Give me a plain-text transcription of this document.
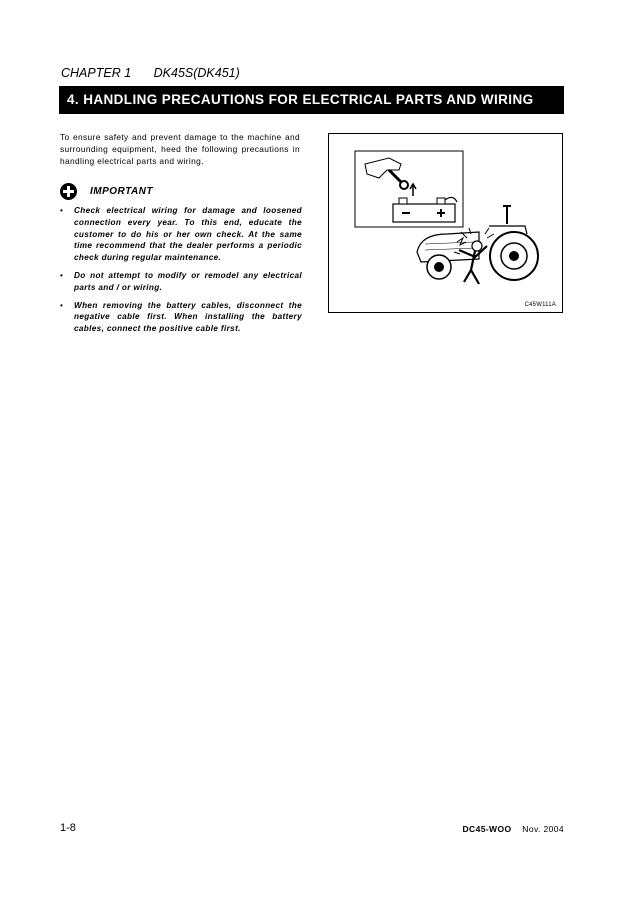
CHAPTER 1 DK45S(DK451)
4. HANDLING PRECAUTIONS FOR ELECTRICAL PARTS AND WIRING
To ensure safety and prevent damage to the machine and surrounding equipment, heed the following precautions in handling electrical parts and wiring.
IMPORTANT
• Check electrical wiring for damage and loosened connection every year. To this end, educate the customer to do his or her own check. At the same time recommend that the dealer performs a periodic check during regular maintenance.
• Do not attempt to modify or remodel any electrical parts and / or wiring.
• When removing the battery cables, disconnect the negative cable first. When installing the battery cables, connect the positive cable first.
C45W111A
1-8	DC45-WOO Nov. 2004
